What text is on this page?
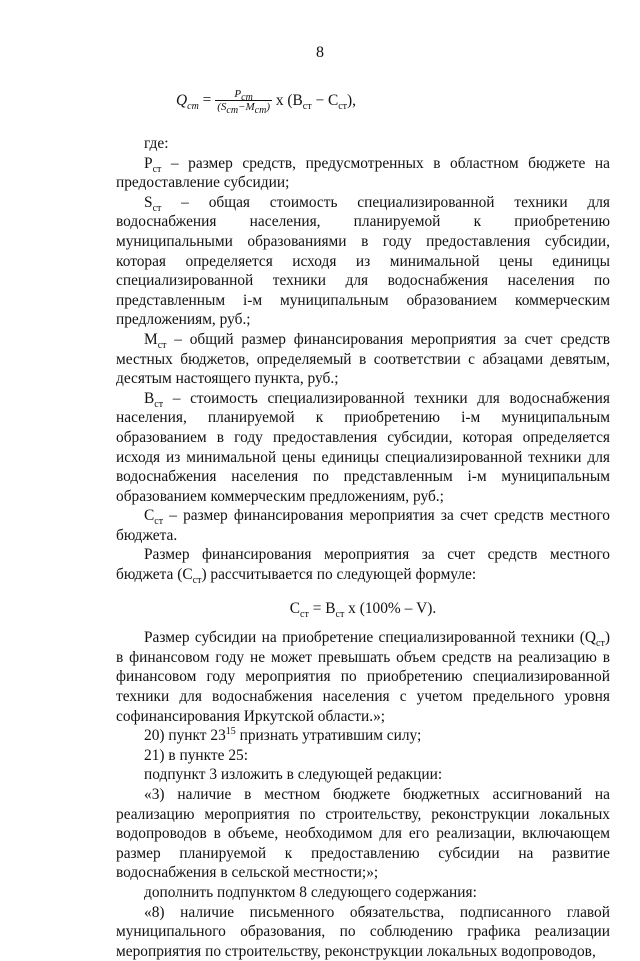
8
$Q_{ст} = \frac{P_{ст}}{(S_{ст}-M_{ст})}$ х $(В_{ст} - C_{ст})$,

где:

$P_{ст}$ – размер средств, предусмотренных в областном бюджете на предоставление субсидии;

$S_{ст}$ – общая стоимость специализированной техники для водоснабжения населения, планируемой к приобретению муниципальными образованиями в году предоставления субсидии, которая определяется исходя из минимальной цены единицы специализированной техники для водоснабжения населения по представленным i-м муниципальным образованием коммерческим предложениям, руб.;

$М_{ст}$ – общий размер финансирования мероприятия за счет средств местных бюджетов, определяемый в соответствии с абзацами девятым, десятым настоящего пункта, руб.;

$В_{ст}$ – стоимость специализированной техники для водоснабжения населения, планируемой к приобретению i-м муниципальным образованием в году предоставления субсидии, которая определяется исходя из минимальной цены единицы специализированной техники для водоснабжения населения по представленным i-м муниципальным образованием коммерческим предложениям, руб.;

$С_{ст}$ – размер финансирования мероприятия за счет средств местного бюджета.

Размер финансирования мероприятия за счет средств местного бюджета $(С_{ст})$ рассчитывается по следующей формуле:

$С_{ст} = В_{ст}$ х (100% – V).

Размер субсидии на приобретение специализированной техники $(Q_{ст})$ в финансовом году не может превышать объем средств на реализацию в финансовом году мероприятия по приобретению специализированной техники для водоснабжения населения с учетом предельного уровня софинансирования Иркутской области.»;

20) пункт $23^{15}$ признать утратившим силу;

21) в пункте 25:

подпункт 3 изложить в следующей редакции:

«3) наличие в местном бюджете бюджетных ассигнований на реализацию мероприятия по строительству, реконструкции локальных водопроводов в объеме, необходимом для его реализации, включающем размер планируемой к предоставлению субсидии на развитие водоснабжения в сельской местности;»;

дополнить подпунктом 8 следующего содержания:

«8) наличие письменного обязательства, подписанного главой муниципального образования, по соблюдению графика реализации мероприятия по строительству, реконструкции локальных водопроводов,
